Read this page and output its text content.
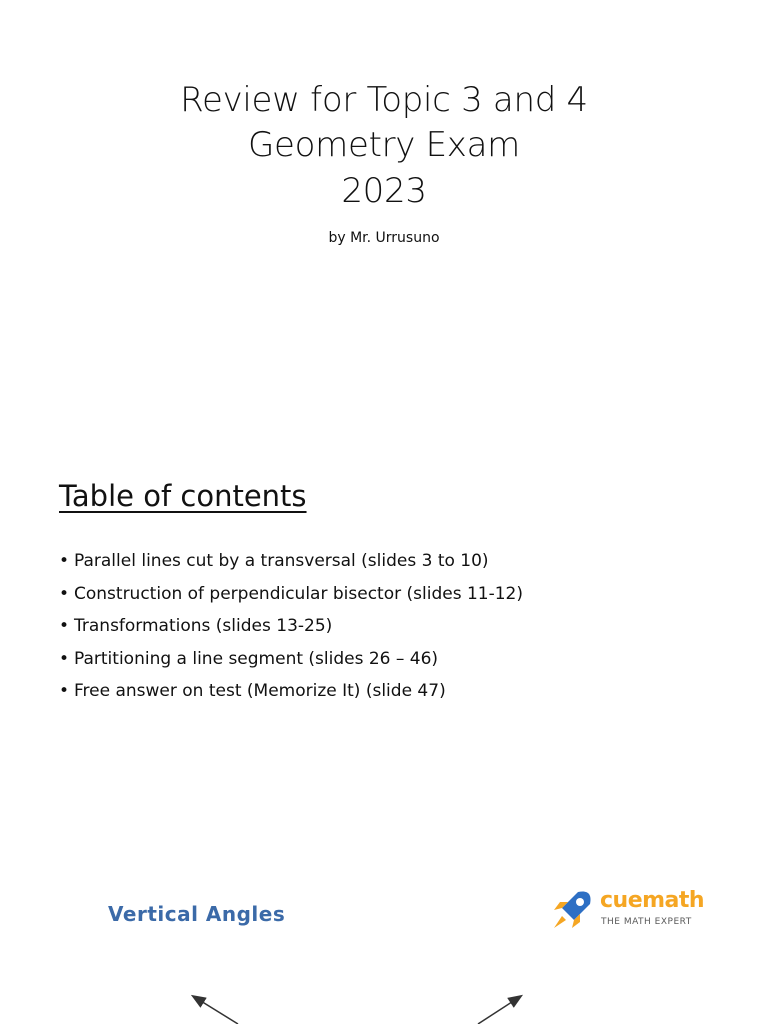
Review for Topic 3 and 4
Geometry Exam
2023
by Mr. Urrusuno
Table of contents
• Parallel lines cut by a transversal (slides 3 to 10)
• Construction of perpendicular bisector (slides 11-12)
• Transformations (slides 13-25)
• Partitioning a line segment (slides 26 – 46)
• Free answer on test (Memorize It) (slide 47)
Vertical Angles
cuemath
THE MATH EXPERT
